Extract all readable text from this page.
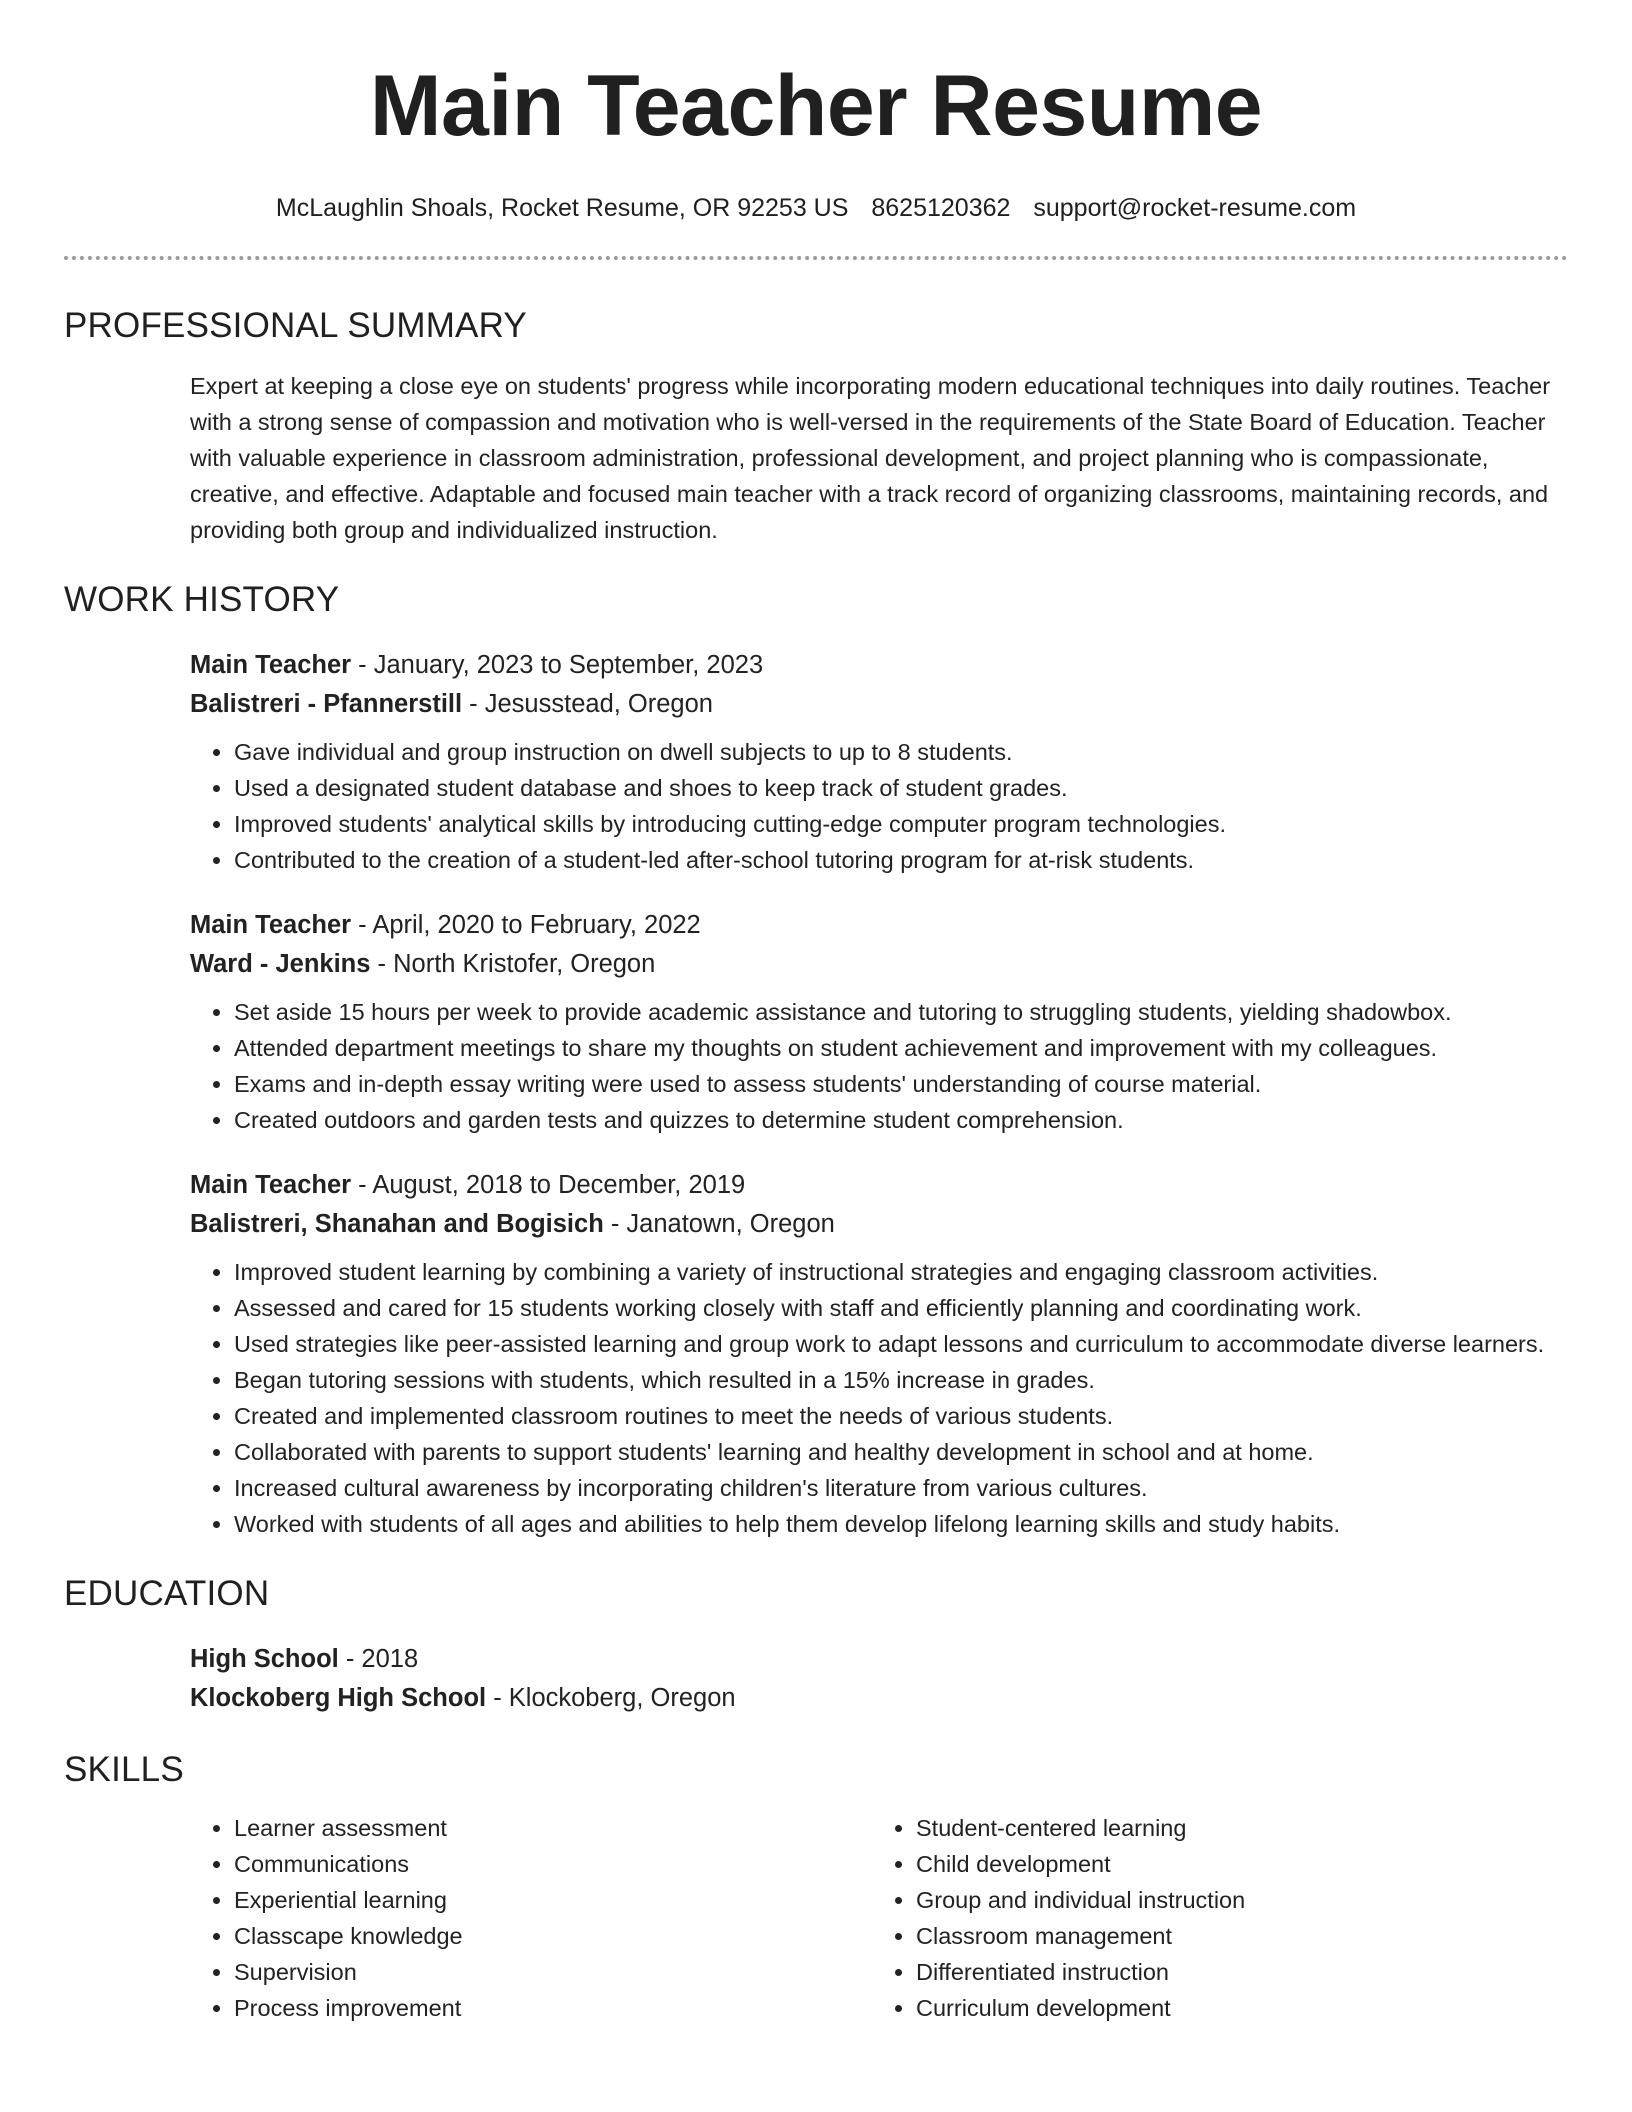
Main Teacher Resume
McLaughlin Shoals, Rocket Resume, OR 92253 US 8625120362 support@rocket-resume.com
PROFESSIONAL SUMMARY

Expert at keeping a close eye on students' progress while incorporating modern educational techniques into daily routines. Teacher with a strong sense of compassion and motivation who is well-versed in the requirements of the State Board of Education. Teacher with valuable experience in classroom administration, professional development, and project planning who is compassionate, creative, and effective. Adaptable and focused main teacher with a track record of organizing classrooms, maintaining records, and providing both group and individualized instruction.

WORK HISTORY
Main Teacher - January, 2023 to September, 2023
Balistreri - Pfannerstill - Jesusstead, Oregon
• Gave individual and group instruction on dwell subjects to up to 8 students.
• Used a designated student database and shoes to keep track of student grades.
• Improved students' analytical skills by introducing cutting-edge computer program technologies.
• Contributed to the creation of a student-led after-school tutoring program for at-risk students.
Main Teacher - April, 2020 to February, 2022
Ward - Jenkins - North Kristofer, Oregon
• Set aside 15 hours per week to provide academic assistance and tutoring to struggling students, yielding shadowbox.
• Attended department meetings to share my thoughts on student achievement and improvement with my colleagues.
• Exams and in-depth essay writing were used to assess students' understanding of course material.
• Created outdoors and garden tests and quizzes to determine student comprehension.
Main Teacher - August, 2018 to December, 2019
Balistreri, Shanahan and Bogisich - Janatown, Oregon
• Improved student learning by combining a variety of instructional strategies and engaging classroom activities.
• Assessed and cared for 15 students working closely with staff and efficiently planning and coordinating work.
• Used strategies like peer-assisted learning and group work to adapt lessons and curriculum to accommodate diverse learners.
• Began tutoring sessions with students, which resulted in a 15% increase in grades.
• Created and implemented classroom routines to meet the needs of various students.
• Collaborated with parents to support students' learning and healthy development in school and at home.
• Increased cultural awareness by incorporating children's literature from various cultures.
• Worked with students of all ages and abilities to help them develop lifelong learning skills and study habits.
EDUCATION
High School - 2018
Klockoberg High School - Klockoberg, Oregon
SKILLS
• Learner assessment
• Communications
• Experiential learning
• Classcape knowledge
• Supervision
• Process improvement
• Student-centered learning
• Child development
• Group and individual instruction
• Classroom management
• Differentiated instruction
• Curriculum development
